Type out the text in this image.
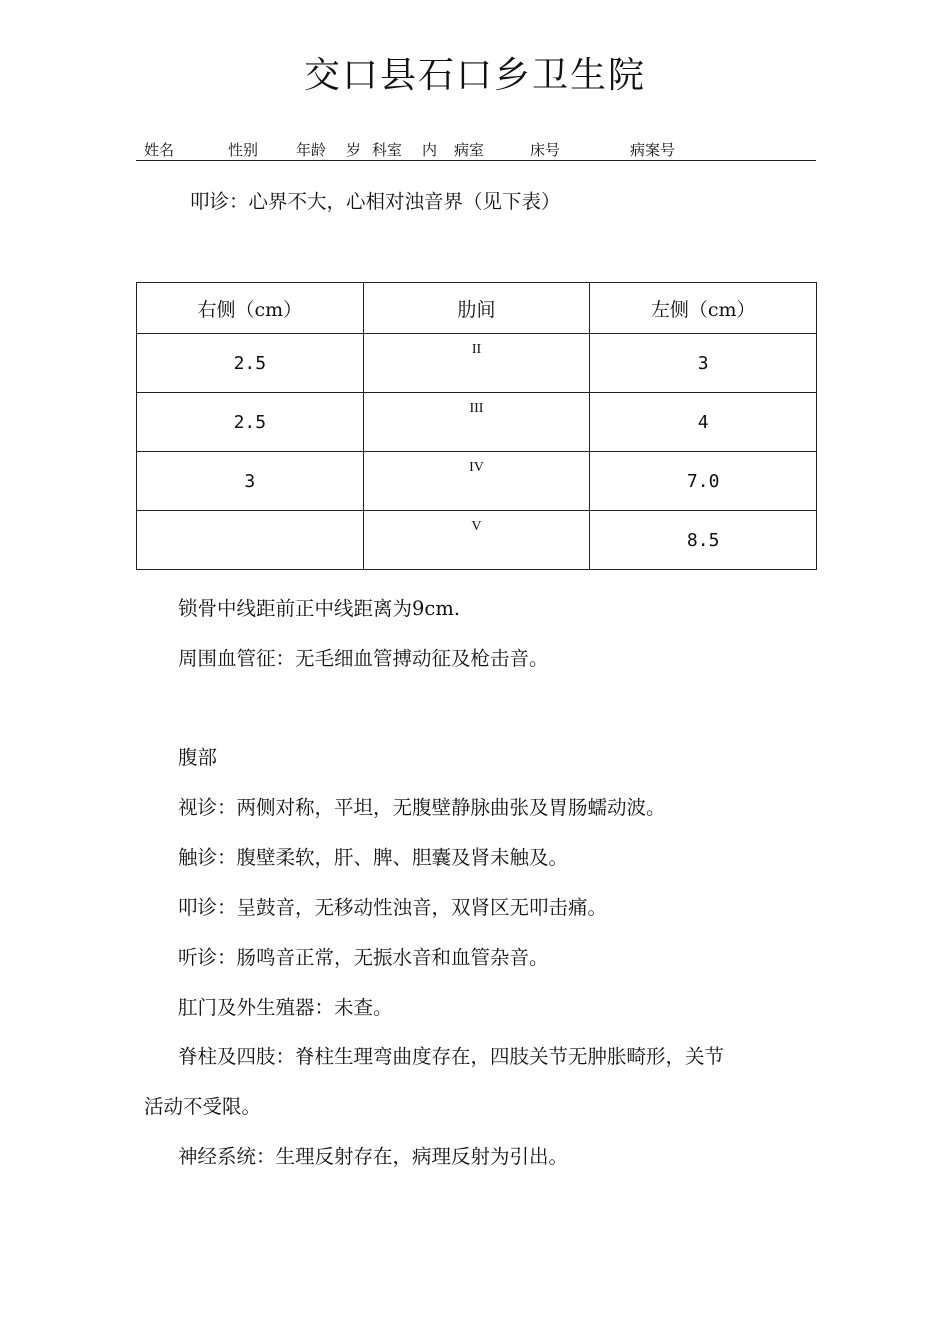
交口县石口乡卫生院
姓名	性别	年龄 岁 科室 内 病室	床号	病案号
叩诊：心界不大，心相对浊音界（见下表）
右侧（cm）	肋间	左侧（cm）
2.5	II	3
2.5	III	4
3	IV	7.0
	V	8.5
锁骨中线距前正中线距离为9cm.
周围血管征：无毛细血管搏动征及枪击音。
腹部
视诊：两侧对称，平坦，无腹壁静脉曲张及胃肠蠕动波。
触诊：腹壁柔软，肝、脾、胆囊及肾未触及。
叩诊：呈鼓音，无移动性浊音，双肾区无叩击痛。
听诊：肠鸣音正常，无振水音和血管杂音。
肛门及外生殖器：未查。
脊柱及四肢：脊柱生理弯曲度存在，四肢关节无肿胀畸形，关节
活动不受限。
神经系统：生理反射存在，病理反射为引出。
